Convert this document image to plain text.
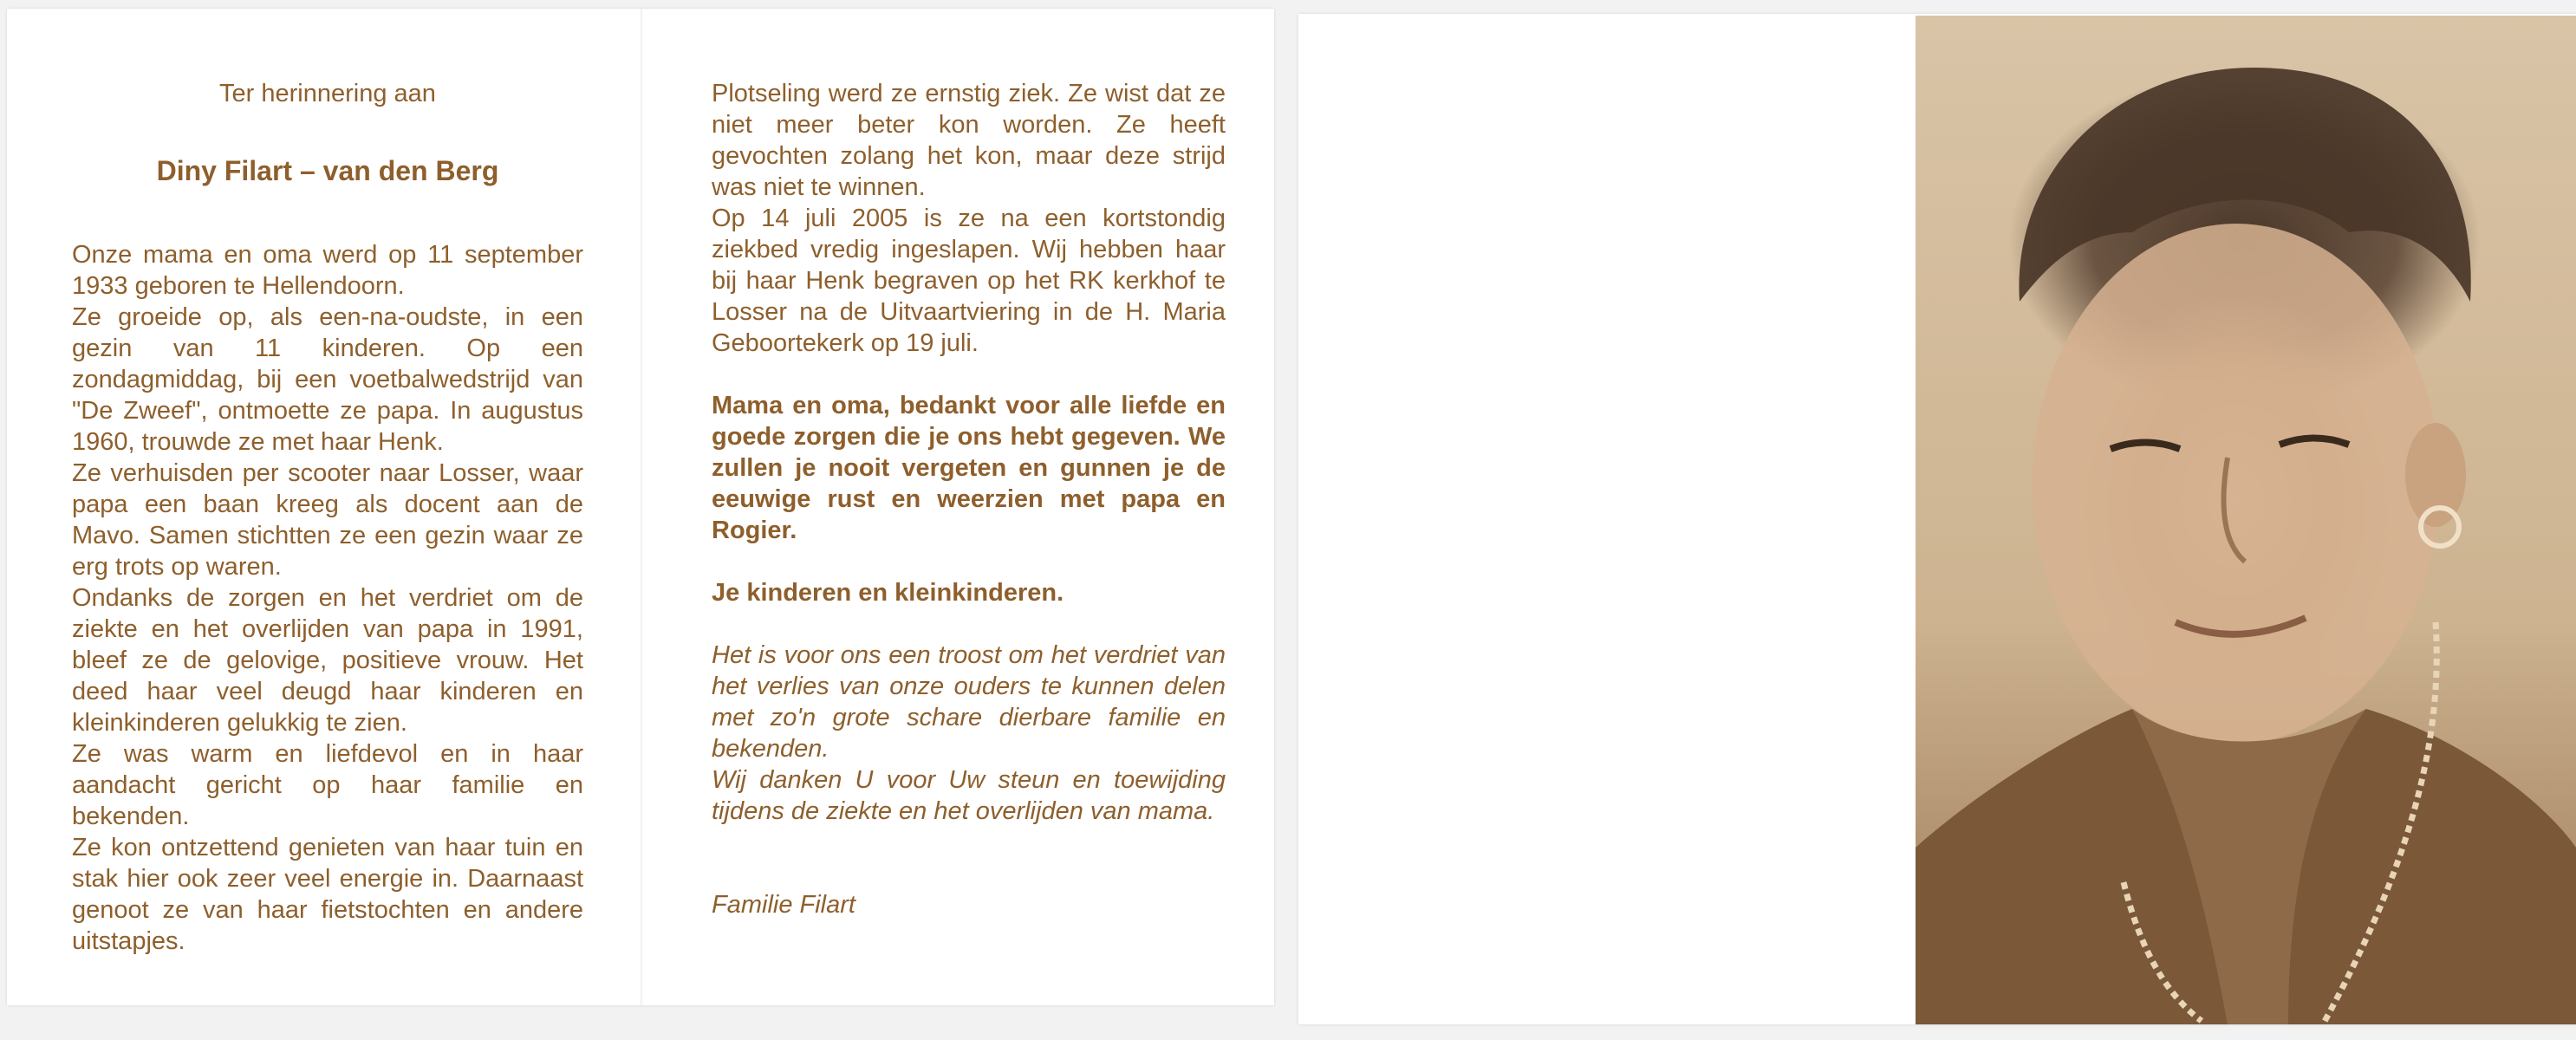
Ter herinnering aan

Diny Filart – van den Berg

Onze mama en oma werd op 11 september 1933 geboren te Hellendoorn.

Ze groeide op, als een-na-oudste, in een gezin van 11 kinderen. Op een zondagmiddag, bij een voetbalwedstrijd van "De Zweef", ontmoette ze papa. In augustus 1960, trouwde ze met haar Henk.

Ze verhuisden per scooter naar Losser, waar papa een baan kreeg als docent aan de Mavo. Samen stichtten ze een gezin waar ze erg trots op waren.

Ondanks de zorgen en het verdriet om de ziekte en het overlijden van papa in 1991, bleef ze de gelovige, positieve vrouw. Het deed haar veel deugd haar kinderen en kleinkinderen gelukkig te zien.

Ze was warm en liefdevol en in haar aandacht gericht op haar familie en bekenden.

Ze kon ontzettend genieten van haar tuin en stak hier ook zeer veel energie in. Daarnaast genoot ze van haar fietstochten en andere uitstapjes.

Plotseling werd ze ernstig ziek. Ze wist dat ze niet meer beter kon worden. Ze heeft gevochten zolang het kon, maar deze strijd was niet te winnen.

Op 14 juli 2005 is ze na een kortstondig ziekbed vredig ingeslapen. Wij hebben haar bij haar Henk begraven op het RK kerkhof te Losser na de Uitvaartviering in de H. Maria Geboortekerk op 19 juli.

Mama en oma, bedankt voor alle liefde en goede zorgen die je ons hebt gegeven. We zullen je nooit vergeten en gunnen je de eeuwige rust en weerzien met papa en Rogier.

Je kinderen en kleinkinderen.

Het is voor ons een troost om het verdriet van het verlies van onze ouders te kunnen delen met zo'n grote schare dierbare familie en bekenden.

Wij danken U voor Uw steun en toewijding tijdens de ziekte en het overlijden van mama.

Familie Filart
